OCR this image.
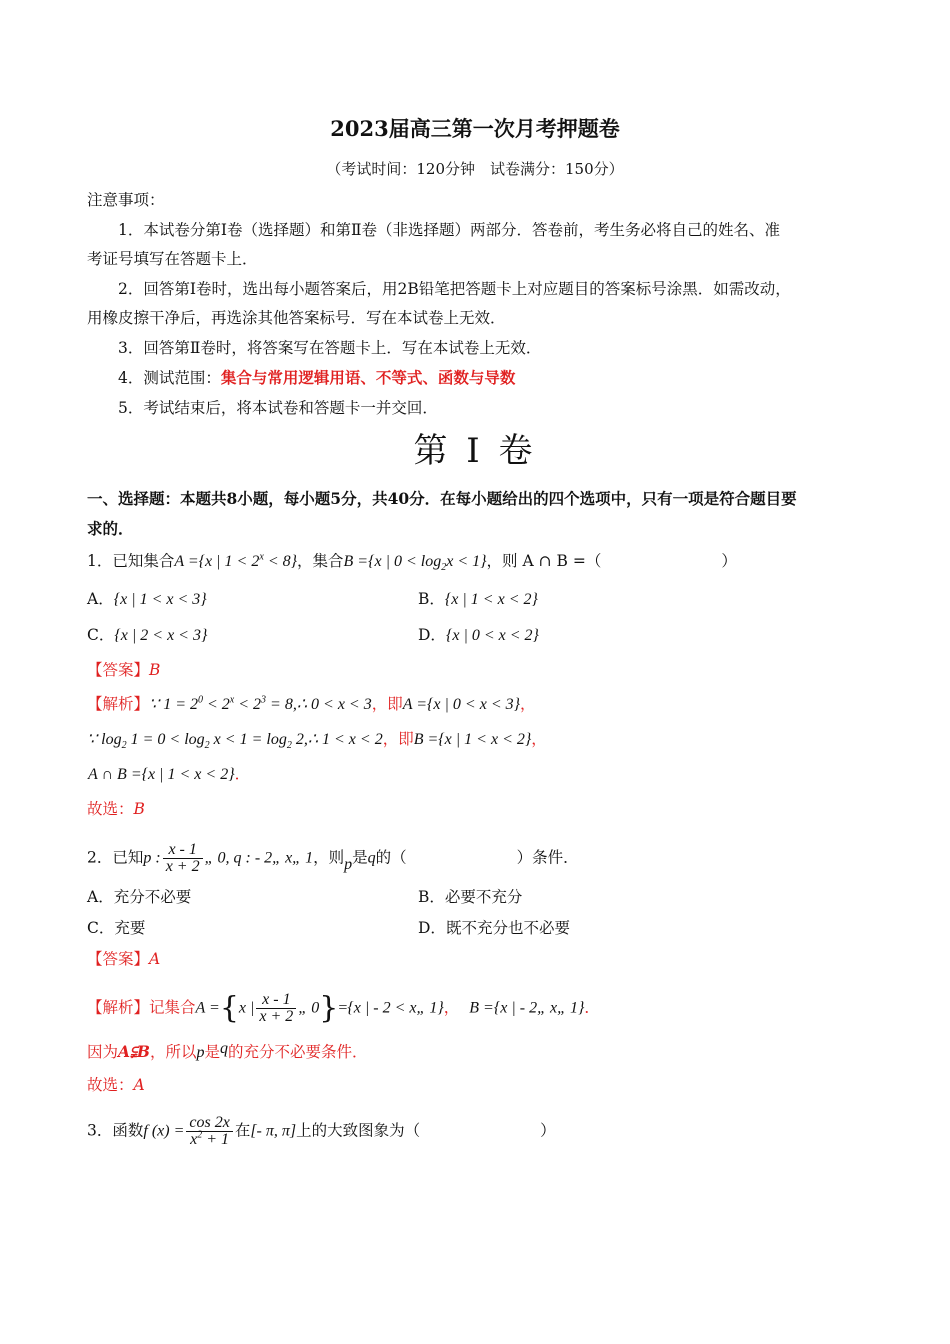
2023届高三第一次月考押题卷
（考试时间：120分钟　试卷满分：150分）
注意事项：
1．本试卷分第Ⅰ卷（选择题）和第Ⅱ卷（非选择题）两部分．答卷前，考生务必将自己的姓名、准
考证号填写在答题卡上．
2．回答第Ⅰ卷时，选出每小题答案后，用2B铅笔把答题卡上对应题目的答案标号涂黑．如需改动，
用橡皮擦干净后，再选涂其他答案标号．写在本试卷上无效．
3．回答第Ⅱ卷时，将答案写在答题卡上．写在本试卷上无效．
4．测试范围：集合与常用逻辑用语、不等式、函数与导数
5．考试结束后，将本试卷和答题卡一并交回．
第 I 卷
一、选择题：本题共8小题，每小题5分，共40分．在每小题给出的四个选项中，只有一项是符合题目要
求的．
1．已知集合A ={x | $1 < 2^x < 8$}，集合B ={x | $0 < \log_2x < 1$}，则 A ∩ B =（	）
A．{x | 1 < x < 3}	B．{x | 1 < x < 2}
C．{x | 2 < x < 3}	D．{x | 0 < x < 2}
【答案】B
【解析】∵ $1 = 2^0 < 2^x < 2^3$ = 8,∴ 0 < x < 3，即A ={x | 0 < x < 3}，
∵ $\log_2 1 = 0 < \log_2 x < 1 = \log_2$ 2,∴ 1 < x < 2，即B ={x | 1 < x < 2}，
A ∩ B ={x | 1 < x < 2}．
故选：B
2．已知p : $\frac{x - 1}{x + 2}$ „ 0, q : - 2„ x„ 1，则p是q的（	）条件．
A．充分不必要	B．必要不充分
C．充要	D．既不充分也不必要
【答案】A
【解析】记集合A ={x | $\frac{x - 1}{x + 2}$ „ 0}={x | - 2 < x„ 1}， B ={x | - 2„ x„ 1}．
因为A⫋B，所以p是q的充分不必要条件．
故选：A
3．函数f $(x) = \frac{\cos 2x}{x^2 + 1}$ 在[- π, π]上的大致图象为（	）
